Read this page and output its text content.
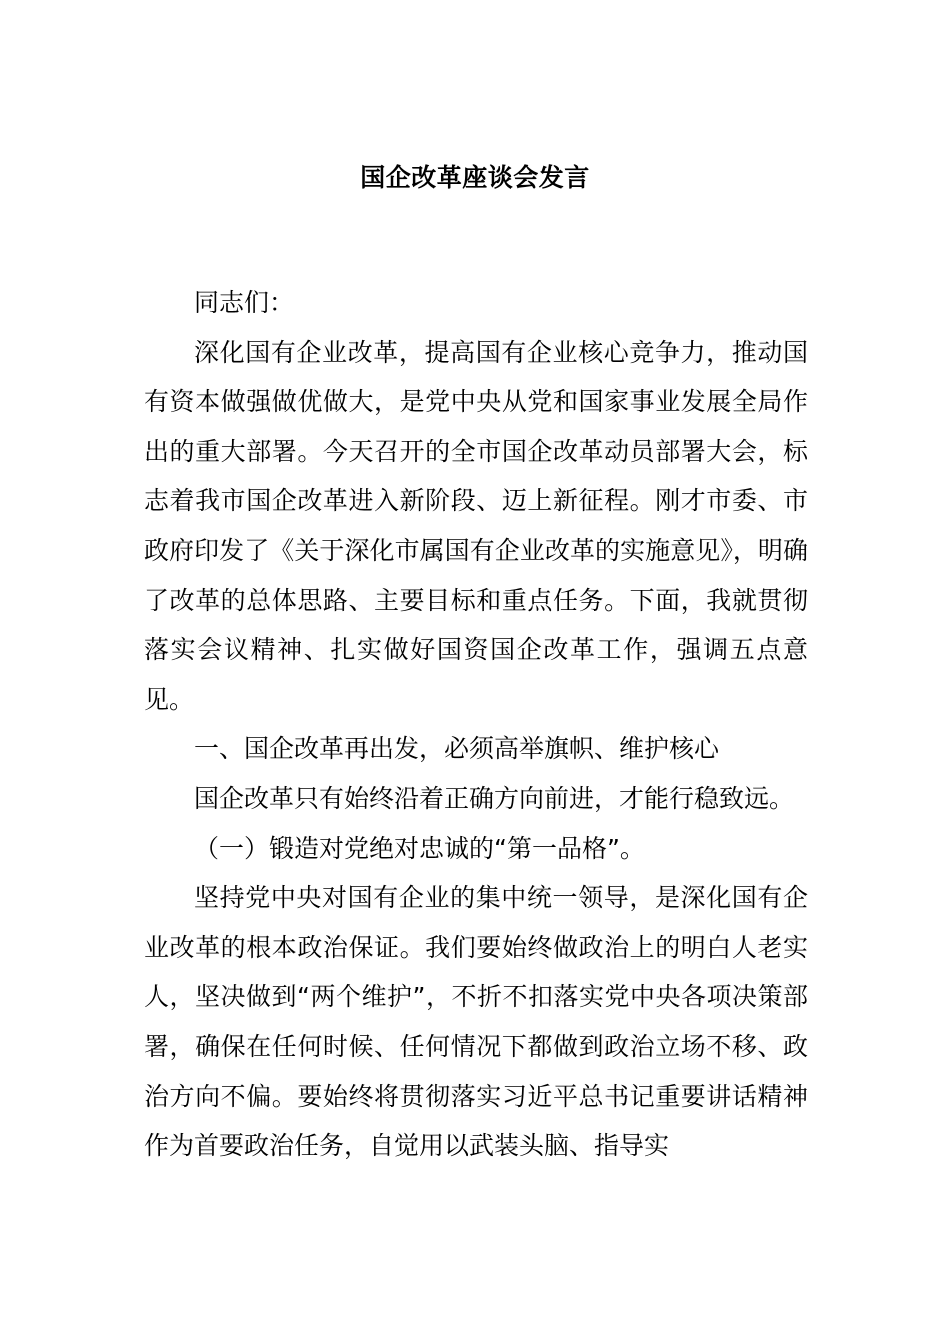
国企改革座谈会发言

同志们：

深化国有企业改革，提高国有企业核心竞争力，推动国有资本做强做优做大，是党中央从党和国家事业发展全局作出的重大部署。今天召开的全市国企改革动员部署大会，标志着我市国企改革进入新阶段、迈上新征程。刚才市委、市政府印发了《关于深化市属国有企业改革的实施意见》，明确了改革的总体思路、主要目标和重点任务。下面，我就贯彻落实会议精神、扎实做好国资国企改革工作，强调五点意见。

一、国企改革再出发，必须高举旗帜、维护核心

国企改革只有始终沿着正确方向前进，才能行稳致远。

（一）锻造对党绝对忠诚的“第一品格”。

坚持党中央对国有企业的集中统一领导，是深化国有企业改革的根本政治保证。我们要始终做政治上的明白人老实人，坚决做到“两个维护”，不折不扣落实党中央各项决策部署，确保在任何时候、任何情况下都做到政治立场不移、政治方向不偏。要始终将贯彻落实习近平总书记重要讲话精神作为首要政治任务，自觉用以武装头脑、指导实
